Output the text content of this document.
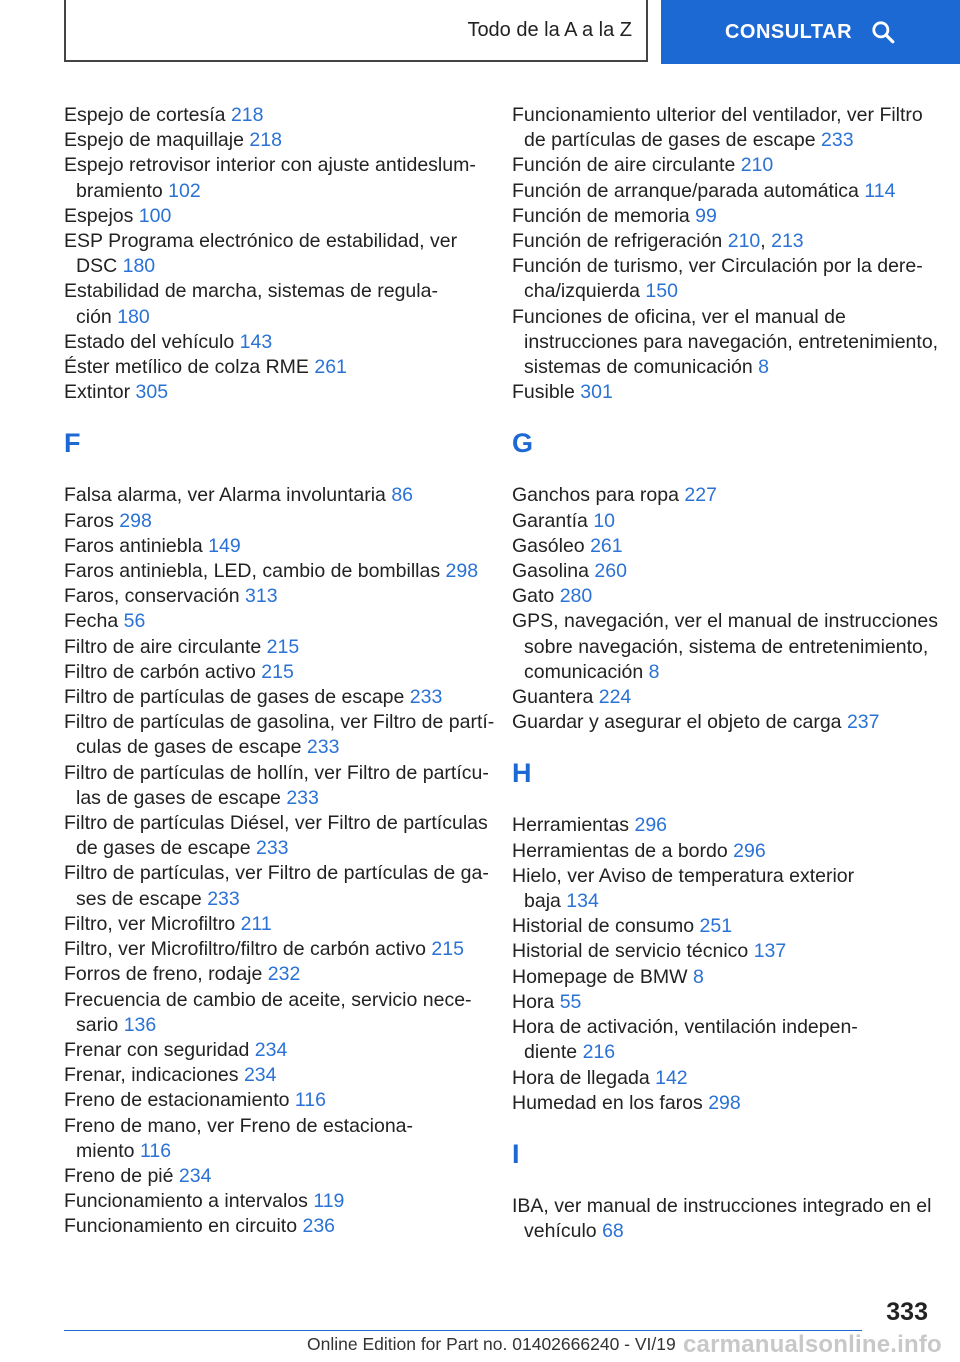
Todo de la A a la Z	CONSULTAR
Espejo de cortesía 218
Espejo de maquillaje 218
Espejo retrovisor interior con ajuste antideslum-
bramiento 102
Espejos 100
ESP Programa electrónico de estabilidad, ver
DSC 180
Estabilidad de marcha, sistemas de regula-
ción 180
Estado del vehículo 143
Éster metílico de colza RME 261
Extintor 305
F
Falsa alarma, ver Alarma involuntaria 86
Faros 298
Faros antiniebla 149
Faros antiniebla, LED, cambio de bombillas 298
Faros, conservación 313
Fecha 56
Filtro de aire circulante 215
Filtro de carbón activo 215
Filtro de partículas de gases de escape 233
Filtro de partículas de gasolina, ver Filtro de partí-
culas de gases de escape 233
Filtro de partículas de hollín, ver Filtro de partícu-
las de gases de escape 233
Filtro de partículas Diésel, ver Filtro de partículas
de gases de escape 233
Filtro de partículas, ver Filtro de partículas de ga-
ses de escape 233
Filtro, ver Microfiltro 211
Filtro, ver Microfiltro/filtro de carbón activo 215
Forros de freno, rodaje 232
Frecuencia de cambio de aceite, servicio nece-
sario 136
Frenar con seguridad 234
Frenar, indicaciones 234
Freno de estacionamiento 116
Freno de mano, ver Freno de estaciona-
miento 116
Freno de pié 234
Funcionamiento a intervalos 119
Funcionamiento en circuito 236
Funcionamiento ulterior del ventilador, ver Filtro
de partículas de gases de escape 233
Función de aire circulante 210
Función de arranque/parada automática 114
Función de memoria 99
Función de refrigeración 210, 213
Función de turismo, ver Circulación por la dere-
cha/izquierda 150
Funciones de oficina, ver el manual de
instrucciones para navegación, entretenimiento,
sistemas de comunicación 8
Fusible 301
G
Ganchos para ropa 227
Garantía 10
Gasóleo 261
Gasolina 260
Gato 280
GPS, navegación, ver el manual de instrucciones
sobre navegación, sistema de entretenimiento,
comunicación 8
Guantera 224
Guardar y asegurar el objeto de carga 237
H
Herramientas 296
Herramientas de a bordo 296
Hielo, ver Aviso de temperatura exterior
baja 134
Historial de consumo 251
Historial de servicio técnico 137
Homepage de BMW 8
Hora 55
Hora de activación, ventilación indepen-
diente 216
Hora de llegada 142
Humedad en los faros 298
I
IBA, ver manual de instrucciones integrado en el
vehículo 68
333
Online Edition for Part no. 01402666240 - VI/19 carmanualsonline.info
